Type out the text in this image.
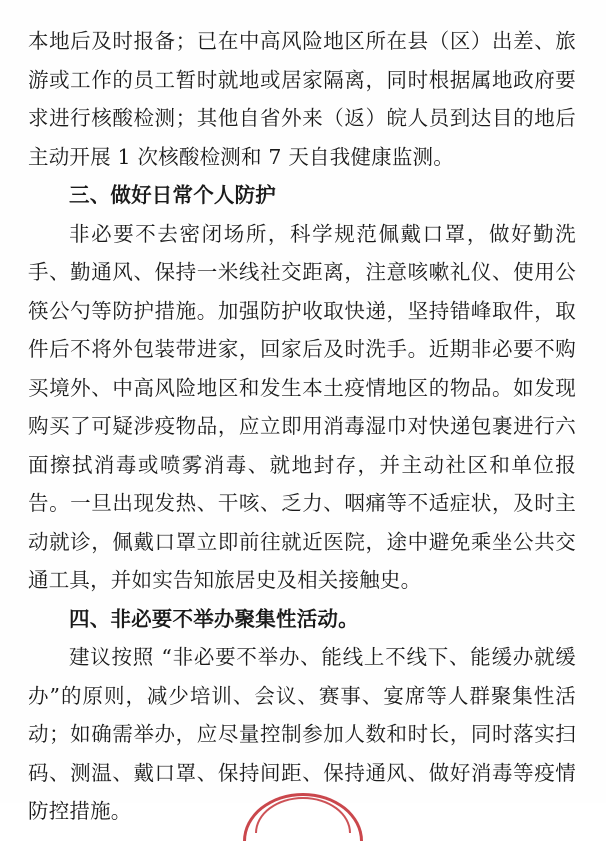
本地后及时报备；已在中高风险地区所在县（区）出差、旅游或工作的员工暂时就地或居家隔离，同时根据属地政府要求进行核酸检测；其他自省外来（返）皖人员到达目的地后主动开展 1 次核酸检测和 7 天自我健康监测。

三、做好日常个人防护

非必要不去密闭场所，科学规范佩戴口罩，做好勤洗手、勤通风、保持一米线社交距离，注意咳嗽礼仪、使用公筷公勺等防护措施。加强防护收取快递，坚持错峰取件，取件后不将外包装带进家，回家后及时洗手。近期非必要不购买境外、中高风险地区和发生本土疫情地区的物品。如发现购买了可疑涉疫物品，应立即用消毒湿巾对快递包裹进行六面擦拭消毒或喷雾消毒、就地封存，并主动社区和单位报告。一旦出现发热、干咳、乏力、咽痛等不适症状，及时主动就诊，佩戴口罩立即前往就近医院，途中避免乘坐公共交通工具，并如实告知旅居史及相关接触史。

四、非必要不举办聚集性活动。

建议按照 “非必要不举办、能线上不线下、能缓办就缓办”的原则，减少培训、会议、赛事、宴席等人群聚集性活动；如确需举办，应尽量控制参加人数和时长，同时落实扫码、测温、戴口罩、保持间距、保持通风、做好消毒等疫情防控措施。
